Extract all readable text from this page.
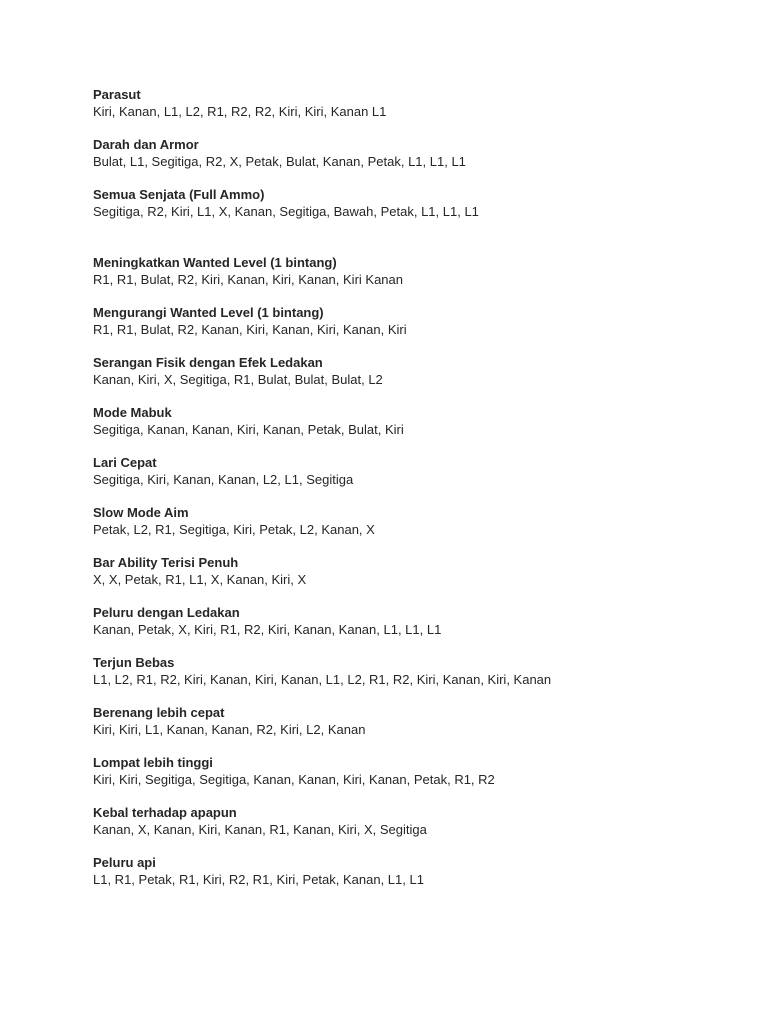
Parasut
Kiri, Kanan, L1, L2, R1, R2, R2, Kiri, Kiri, Kanan L1
Darah dan Armor
Bulat, L1, Segitiga, R2, X, Petak, Bulat, Kanan, Petak, L1, L1, L1
Semua Senjata (Full Ammo)
Segitiga, R2, Kiri, L1, X, Kanan, Segitiga, Bawah, Petak, L1, L1, L1
Meningkatkan Wanted Level (1 bintang)
R1, R1, Bulat, R2, Kiri, Kanan, Kiri, Kanan, Kiri Kanan
Mengurangi Wanted Level (1 bintang)
R1, R1, Bulat, R2, Kanan, Kiri, Kanan, Kiri, Kanan, Kiri
Serangan Fisik dengan Efek Ledakan
Kanan, Kiri, X, Segitiga, R1, Bulat, Bulat, Bulat, L2
Mode Mabuk
Segitiga, Kanan, Kanan, Kiri, Kanan, Petak, Bulat, Kiri
Lari Cepat
Segitiga, Kiri, Kanan, Kanan, L2, L1, Segitiga
Slow Mode Aim
Petak, L2, R1, Segitiga, Kiri, Petak, L2, Kanan, X
Bar Ability Terisi Penuh
X, X, Petak, R1, L1, X, Kanan, Kiri, X
Peluru dengan Ledakan
Kanan, Petak, X, Kiri, R1, R2, Kiri, Kanan, Kanan, L1, L1, L1
Terjun Bebas
L1, L2, R1, R2, Kiri, Kanan, Kiri, Kanan, L1, L2, R1, R2, Kiri, Kanan, Kiri, Kanan
Berenang lebih cepat
Kiri, Kiri, L1, Kanan, Kanan, R2, Kiri, L2, Kanan
Lompat lebih tinggi
Kiri, Kiri, Segitiga, Segitiga, Kanan, Kanan, Kiri, Kanan, Petak, R1, R2
Kebal terhadap apapun
Kanan, X, Kanan, Kiri, Kanan, R1, Kanan, Kiri, X, Segitiga
Peluru api
L1, R1, Petak, R1, Kiri, R2, R1, Kiri, Petak, Kanan, L1, L1
